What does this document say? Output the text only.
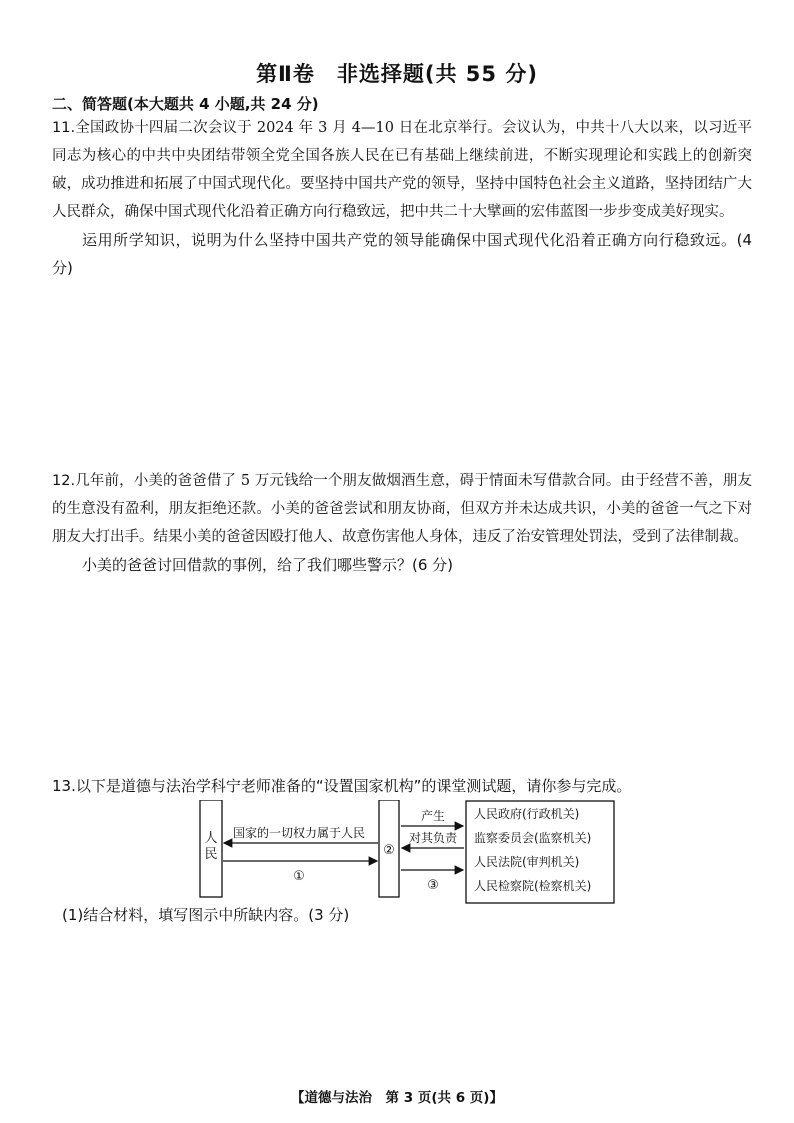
第Ⅱ卷　非选择题(共 55 分)
二、简答题(本大题共 4 小题,共 24 分)
11.全国政协十四届二次会议于 2024 年 3 月 4—10 日在北京举行。会议认为，中共十八大以来，以习近平同志为核心的中共中央团结带领全党全国各族人民在已有基础上继续前进，不断实现理论和实践上的创新突破，成功推进和拓展了中国式现代化。要坚持中国共产党的领导，坚持中国特色社会主义道路，坚持团结广大人民群众，确保中国式现代化沿着正确方向行稳致远，把中共二十大擘画的宏伟蓝图一步步变成美好现实。
运用所学知识，说明为什么坚持中国共产党的领导能确保中国式现代化沿着正确方向行稳致远。(4 分)
12.几年前，小美的爸爸借了 5 万元钱给一个朋友做烟酒生意，碍于情面未写借款合同。由于经营不善，朋友的生意没有盈利，朋友拒绝还款。小美的爸爸尝试和朋友协商，但双方并未达成共识，小美的爸爸一气之下对朋友大打出手。结果小美的爸爸因殴打他人、故意伤害他人身体，违反了治安管理处罚法，受到了法律制裁。
小美的爸爸讨回借款的事例，给了我们哪些警示？(6 分)
13.以下是道德与法治学科宁老师准备的“设置国家机构”的课堂测试题，请你参与完成。
人民	②
国家的一切权力属于人民
①
人民政府(行政机关)
监察委员会(监察机关)
人民法院(审判机关)
人民检察院(检察机关)
产生
对其负责
③
(1)结合材料，填写图示中所缺内容。(3 分)
【道德与法治　第 3 页(共 6 页)】
